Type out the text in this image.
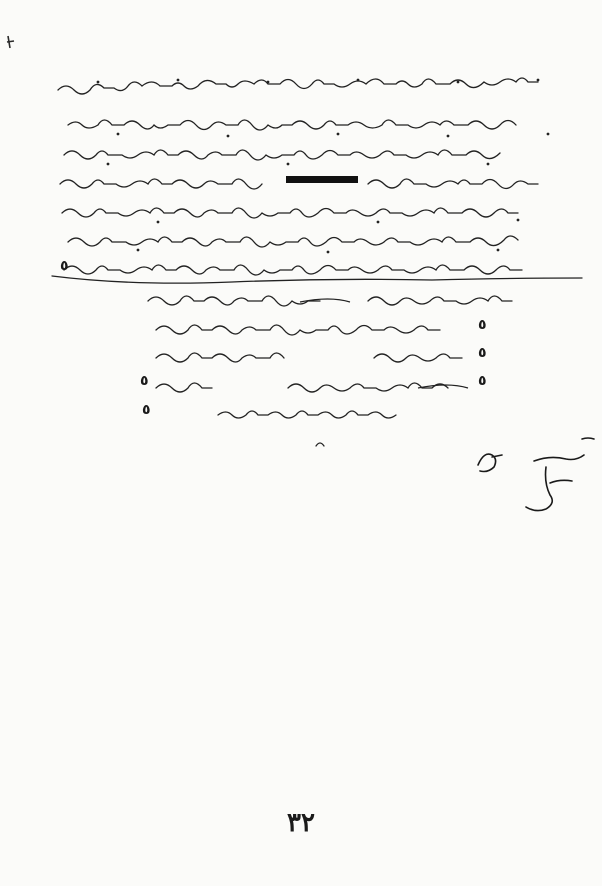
٥
٥
٥
٥	٥
٥
٣٢
